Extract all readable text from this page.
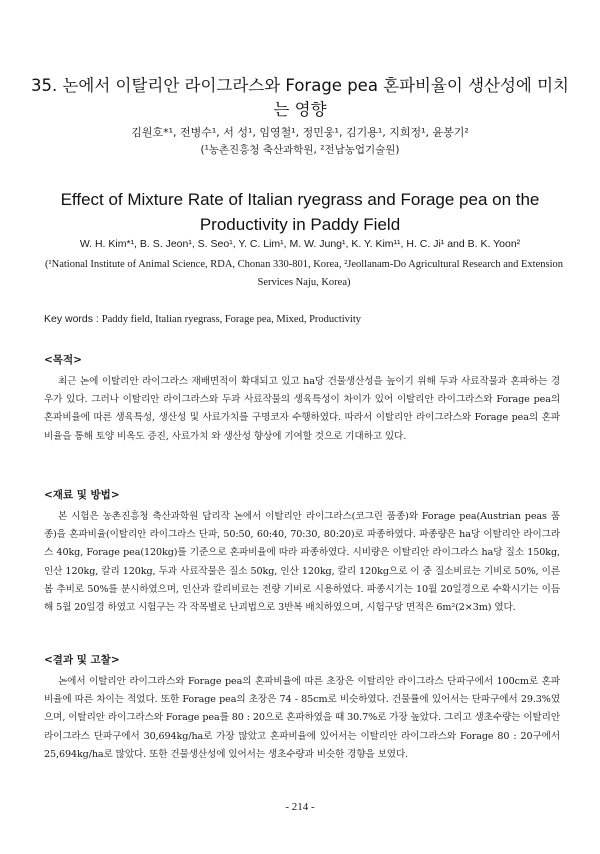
35. 논에서 이탈리안 라이그라스와 Forage pea 혼파비율이 생산성에 미치는 영향
김원호*¹, 전병수¹, 서 성¹, 임영철¹, 정민웅¹, 김기용¹, 지희정¹, 윤봉기²
(¹농촌진흥청 축산과학원, ²전남농업기술원)
Effect of Mixture Rate of Italian ryegrass and Forage pea on the Productivity in Paddy Field
W. H. Kim*¹, B. S. Jeon¹, S. Seo¹, Y. C. Lim¹, M. W. Jung¹, K. Y. Kim¹¹, H. C. Ji¹ and B. K. Yoon²
(¹National Institute of Animal Science, RDA, Chonan 330-801, Korea, ²Jeollanam-Do Agricultural Research and Extension Services Naju, Korea)
Key words : Paddy field, Italian ryegrass, Forage pea, Mixed, Productivity

<목적>

최근 논에 이탈리안 라이그라스 재배면적이 확대되고 있고 ha당 건물생산성을 높이기 위해 두과 사료작물과 혼파하는 경우가 있다. 그러나 이탈리안 라이그라스와 두과 사료작물의 생육특성이 차이가 있어 이탈리안 라이그라스와 Forage pea의 혼파비율에 따른 생육특성, 생산성 및 사료가치를 구명코자 수행하였다. 따라서 이탈리안 라이그라스와 Forage pea의 혼파비율을 통해 토양 비옥도 증진, 사료가치 와 생산성 향상에 기여할 것으로 기대하고 있다.

<재료 및 방법>

본 시험은 농촌진흥청 축산과학원 답리작 논에서 이탈리안 라이그라스(코그린 품종)와 Forage pea(Austrian peas 품종)을 혼파비율(이탈리안 라이그라스 단파, 50:50, 60:40, 70:30, 80:20)로 파종하였다. 파종량은 ha당 이탈리안 라이그라스 40kg, Forage pea(120kg)를 기준으로 혼파비율에 따라 파종하였다. 시비량은 이탈리안 라이그라스 ha당 질소 150kg, 인산 120kg, 칼리 120kg, 두과 사료작물은 질소 50kg, 인산 120kg, 칼리 120kg으로 이 중 질소비료는 기비로 50%, 이른 봄 추비로 50%를 분시하였으며, 인산과 칼리비료는 전량 기비로 시용하였다. 파종시기는 10월 20일경으로 수확시기는 이듬해 5월 20일경 하였고 시험구는 각 작목별로 난괴법으로 3반복 배치하였으며, 시험구당 면적은 6m²(2×3m) 였다.

<결과 및 고찰>

논에서 이탈리안 라이그라스와 Forage pea의 혼파비율에 따른 초장은 이탈리안 라이그라스 단파구에서 100cm로 혼파비율에 따른 차이는 적었다. 또한 Forage pea의 초장은 74 - 85cm로 비슷하였다. 건물률에 있어서는 단파구에서 29.3%였으며, 이탈리안 라이그라스와 Forage pea를 80 : 20으로 혼파하였을 때 30.7%로 가장 높았다. 그리고 생초수량는 이탈리안 라이그라스 단파구에서 30,694kg/ha로 가장 많았고 혼파비율에 있어서는 이탈리안 라이그라스와 Forage 80 : 20구에서 25,694kg/ha로 많았다. 또한 건물생산성에 있어서는 생초수량과 비슷한 경향을 보였다.

- 214 -
